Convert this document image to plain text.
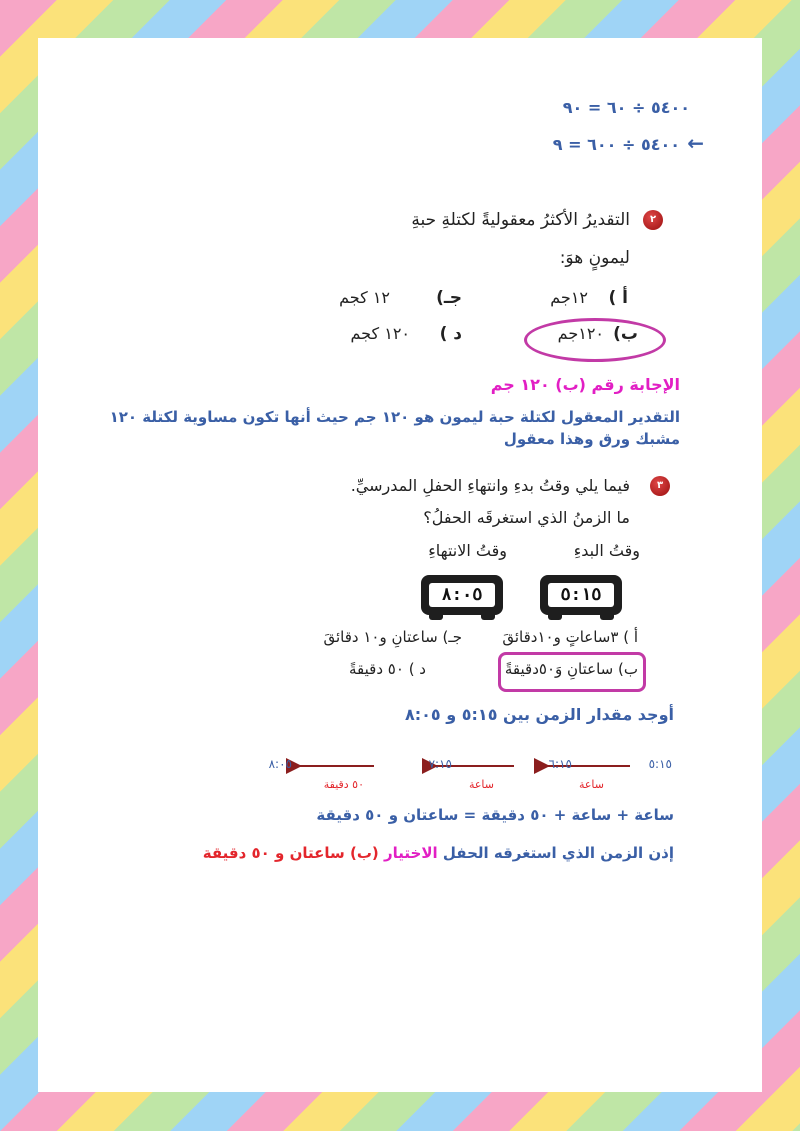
٥٤٠٠ ÷ ٦٠ = ٩٠
٥٤٠٠ ÷ ٦٠٠ = ٩ ←
٢
التقديرُ الأكثرُ معقوليةً لكتلةِ حبةِ
ليمونٍ هوَ:
أ )
١٢جم
جـ)
١٢ كجم
ب)
١٢٠جم
د )
١٢٠ كجم
الإجابة رقم (ب) ١٢٠ جم
التقدير المعقول لكتلة حبة ليمون هو ١٢٠ جم حيث أنها تكون مساوية لكتلة ١٢٠
مشبك ورق وهذا معقول
٣
فيما يلي وقتُ بدءِ وانتهاءِ الحفلِ المدرسيِّ.
ما الزمنُ الذي استغرقَه الحفلُ؟
وقتُ البدءِ
وقتُ الانتهاءِ
٥:١٥
٨:٠٥
أ ) ٣ساعاتٍ و١٠دقائقَ
جـ) ساعتانِ و١٠ دقائقَ
ب) ساعتانِ وَ٥٠دقيقةً
د ) ٥٠ دقيقةً
أوجد مقدار الزمن بين ٥:١٥ و ٨:٠٥
٥:١٥
٦:١٥
٧:١٥
٨:٠٥
ساعة
ساعة
٥٠ دقيقة
ساعة + ساعة + ٥٠ دقيقة = ساعتان و ٥٠ دقيقة
إذن الزمن الذي استغرقه الحفل الاختيار (ب) ساعتان و ٥٠ دقيقة
